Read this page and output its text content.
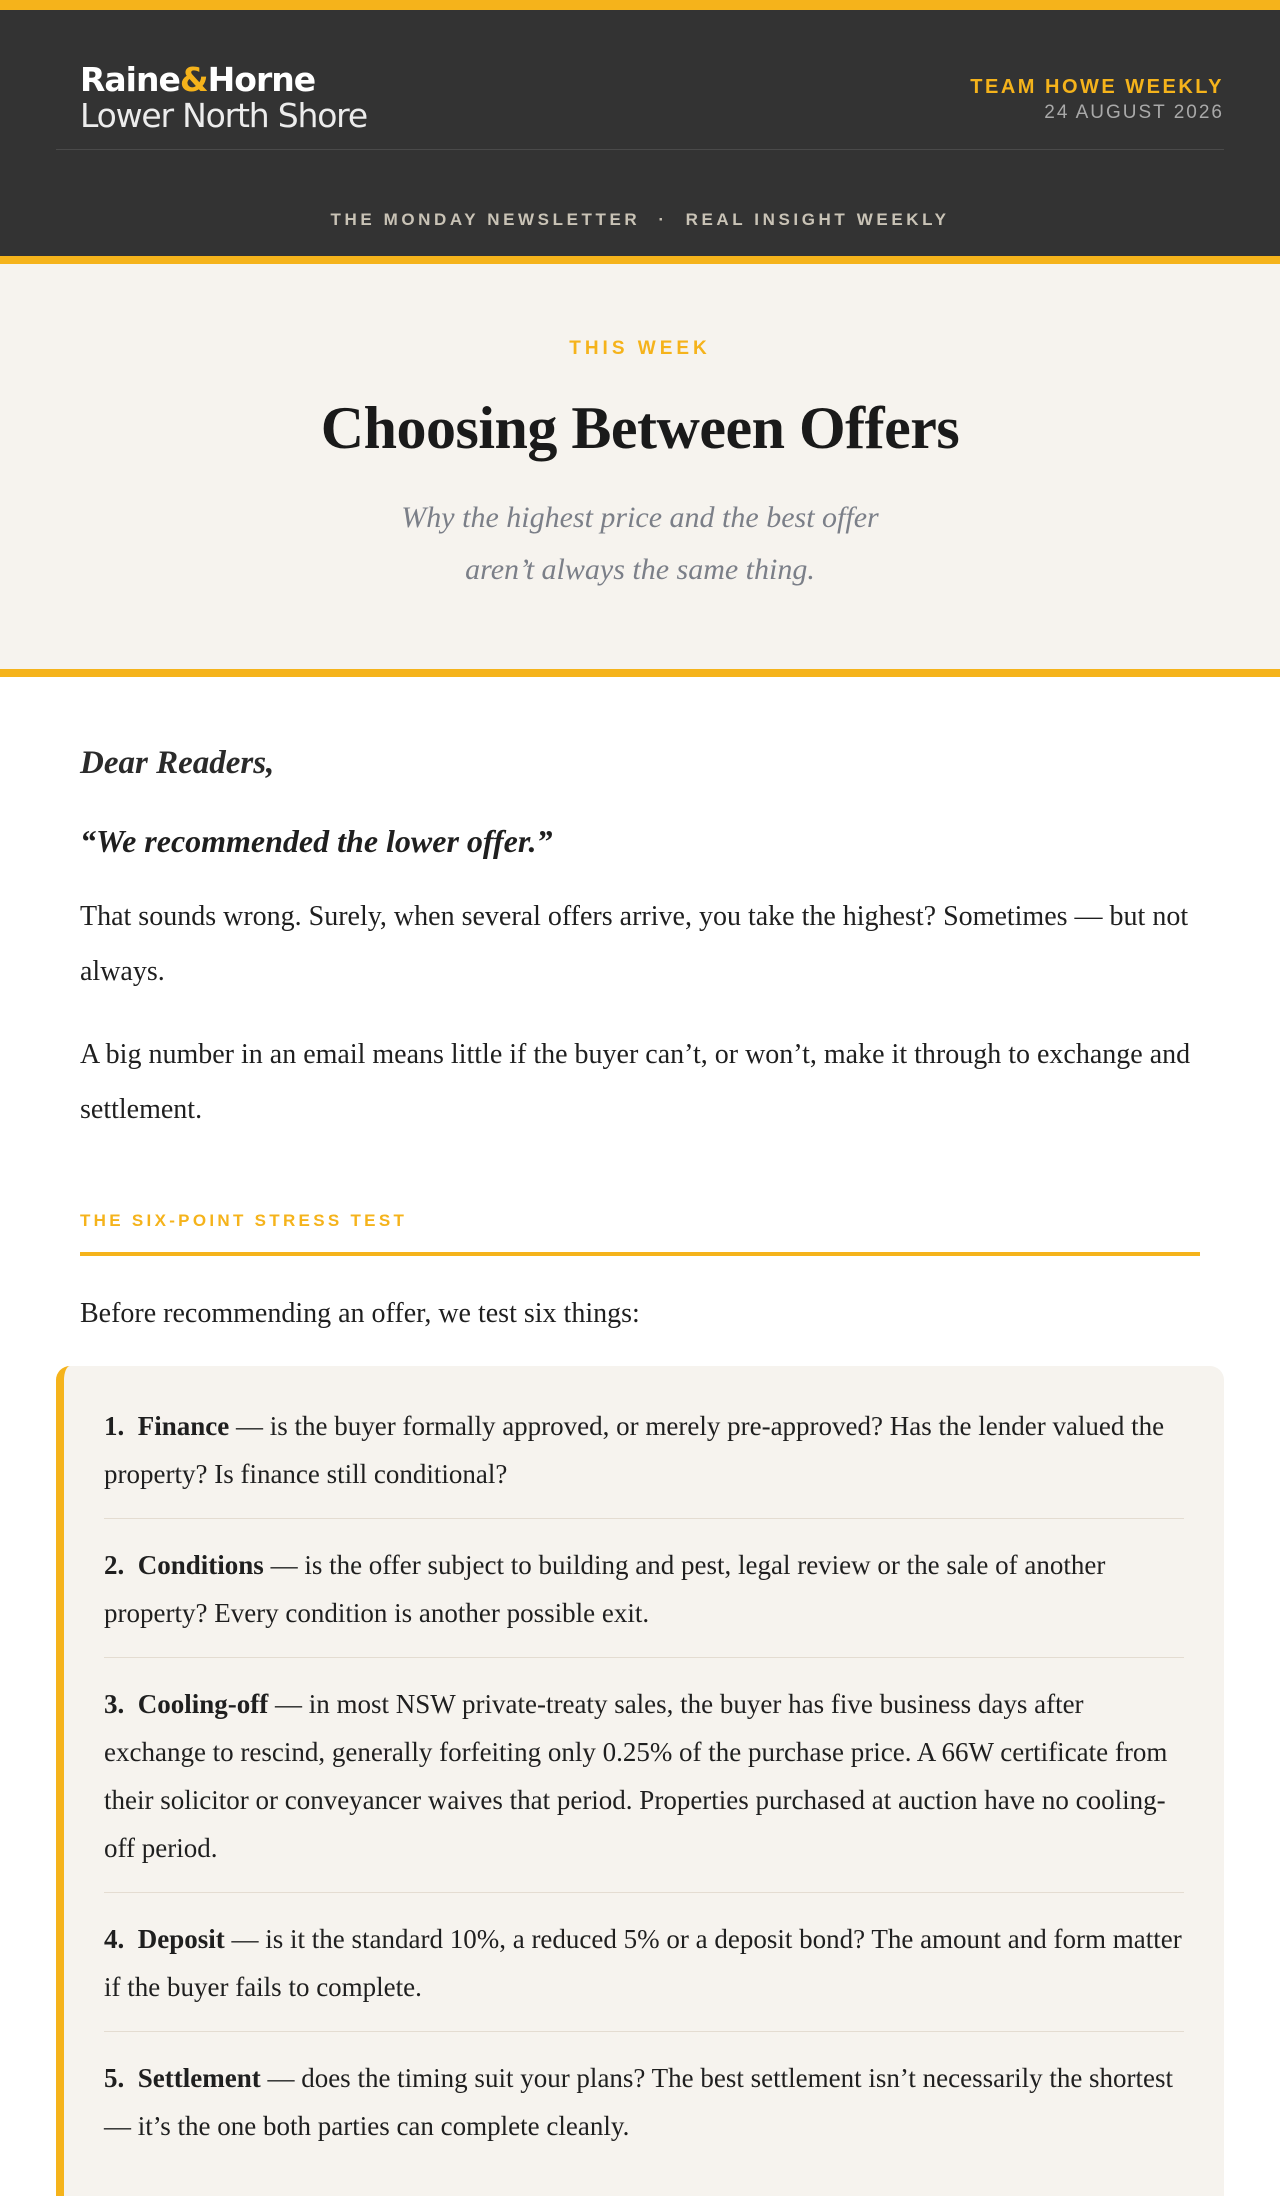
Raine&Horne
Lower North Shore
TEAM HOWE WEEKLY
24 AUGUST 2026
THE MONDAY NEWSLETTER · REAL INSIGHT WEEKLY
THIS WEEK
Choosing Between Offers
Why the highest price and the best offer
aren’t always the same thing.
Dear Readers,
“We recommended the lower offer.”

That sounds wrong. Surely, when several offers arrive, you take the highest? Sometimes — but not always.

A big number in an email means little if the buyer can’t, or won’t, make it through to exchange and settlement.

THE SIX-POINT STRESS TEST

Before recommending an offer, we test six things:

1. Finance — is the buyer formally approved, or merely pre-approved? Has the lender valued the property? Is finance still conditional?
2. Conditions — is the offer subject to building and pest, legal review or the sale of another property? Every condition is another possible exit.
3. Cooling-off — in most NSW private-treaty sales, the buyer has five business days after exchange to rescind, generally forfeiting only 0.25% of the purchase price. A 66W certificate from their solicitor or conveyancer waives that period. Properties purchased at auction have no cooling-off period.
4. Deposit — is it the standard 10%, a reduced 5% or a deposit bond? The amount and form matter if the buyer fails to complete.
5. Settlement — does the timing suit your plans? The best settlement isn’t necessarily the shortest — it’s the one both parties can complete cleanly.
